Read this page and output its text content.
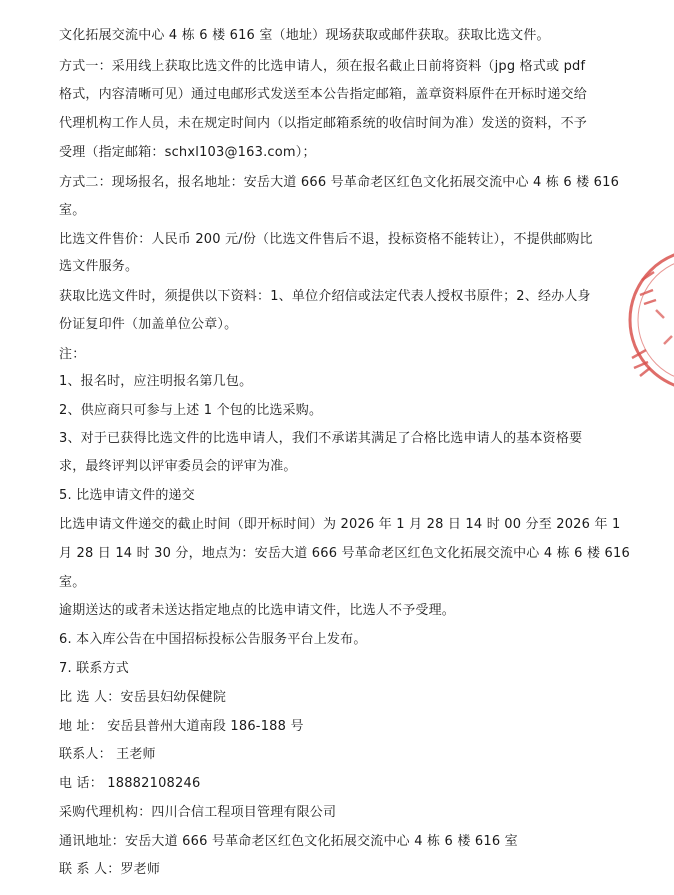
文化拓展交流中心 4 栋 6 楼 616 室（地址）现场获取或邮件获取。获取比选文件。
方式一：采用线上获取比选文件的比选申请人，须在报名截止日前将资料（jpg 格式或 pdf
格式，内容清晰可见）通过电邮形式发送至本公告指定邮箱，盖章资料原件在开标时递交给
代理机构工作人员，未在规定时间内（以指定邮箱系统的收信时间为准）发送的资料，不予
受理（指定邮箱：schxl103@163.com）；
方式二：现场报名，报名地址：安岳大道 666 号革命老区红色文化拓展交流中心 4 栋 6 楼 616
室。
比选文件售价：人民币 200 元/份（比选文件售后不退，投标资格不能转让），不提供邮购比
选文件服务。
获取比选文件时，须提供以下资料：1、单位介绍信或法定代表人授权书原件；2、经办人身
份证复印件（加盖单位公章）。
注：
1、报名时，应注明报名第几包。
2、供应商只可参与上述 1 个包的比选采购。
3、对于已获得比选文件的比选申请人，我们不承诺其满足了合格比选申请人的基本资格要
求，最终评判以评审委员会的评审为准。
5. 比选申请文件的递交
比选申请文件递交的截止时间（即开标时间）为 2026 年 1 月 28 日 14 时 00 分至 2026 年 1
月 28 日 14 时 30 分，地点为：安岳大道 666 号革命老区红色文化拓展交流中心 4 栋 6 楼 616
室。
逾期送达的或者未送达指定地点的比选申请文件，比选人不予受理。
6. 本入库公告在中国招标投标公告服务平台上发布。
7. 联系方式
比 选 人：安岳县妇幼保健院
地 址： 安岳县普州大道南段 186-188 号
联系人： 王老师
电 话： 18882108246
采购代理机构：四川合信工程项目管理有限公司
通讯地址：安岳大道 666 号革命老区红色文化拓展交流中心 4 栋 6 楼 616 室
联 系 人：罗老师
